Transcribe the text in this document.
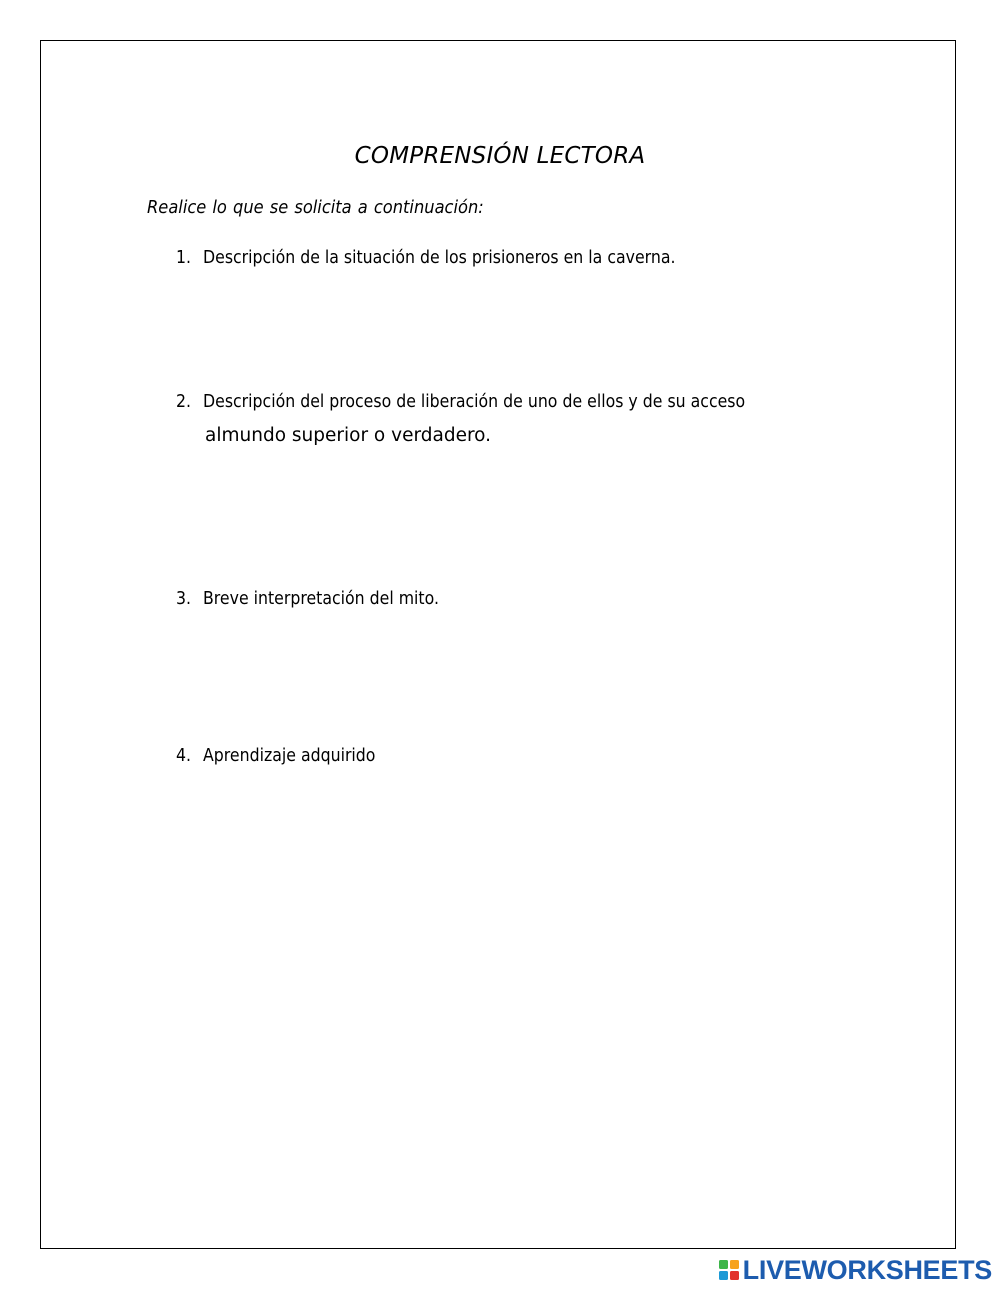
COMPRENSIÓN LECTORA
Realice lo que se solicita a continuación:
1. Descripción de la situación de los prisioneros en la caverna.
2. Descripción del proceso de liberación de uno de ellos y de su acceso
almundo superior o verdadero.
3. Breve interpretación del mito.
4. Aprendizaje adquirido
LIVEWORKSHEETS
